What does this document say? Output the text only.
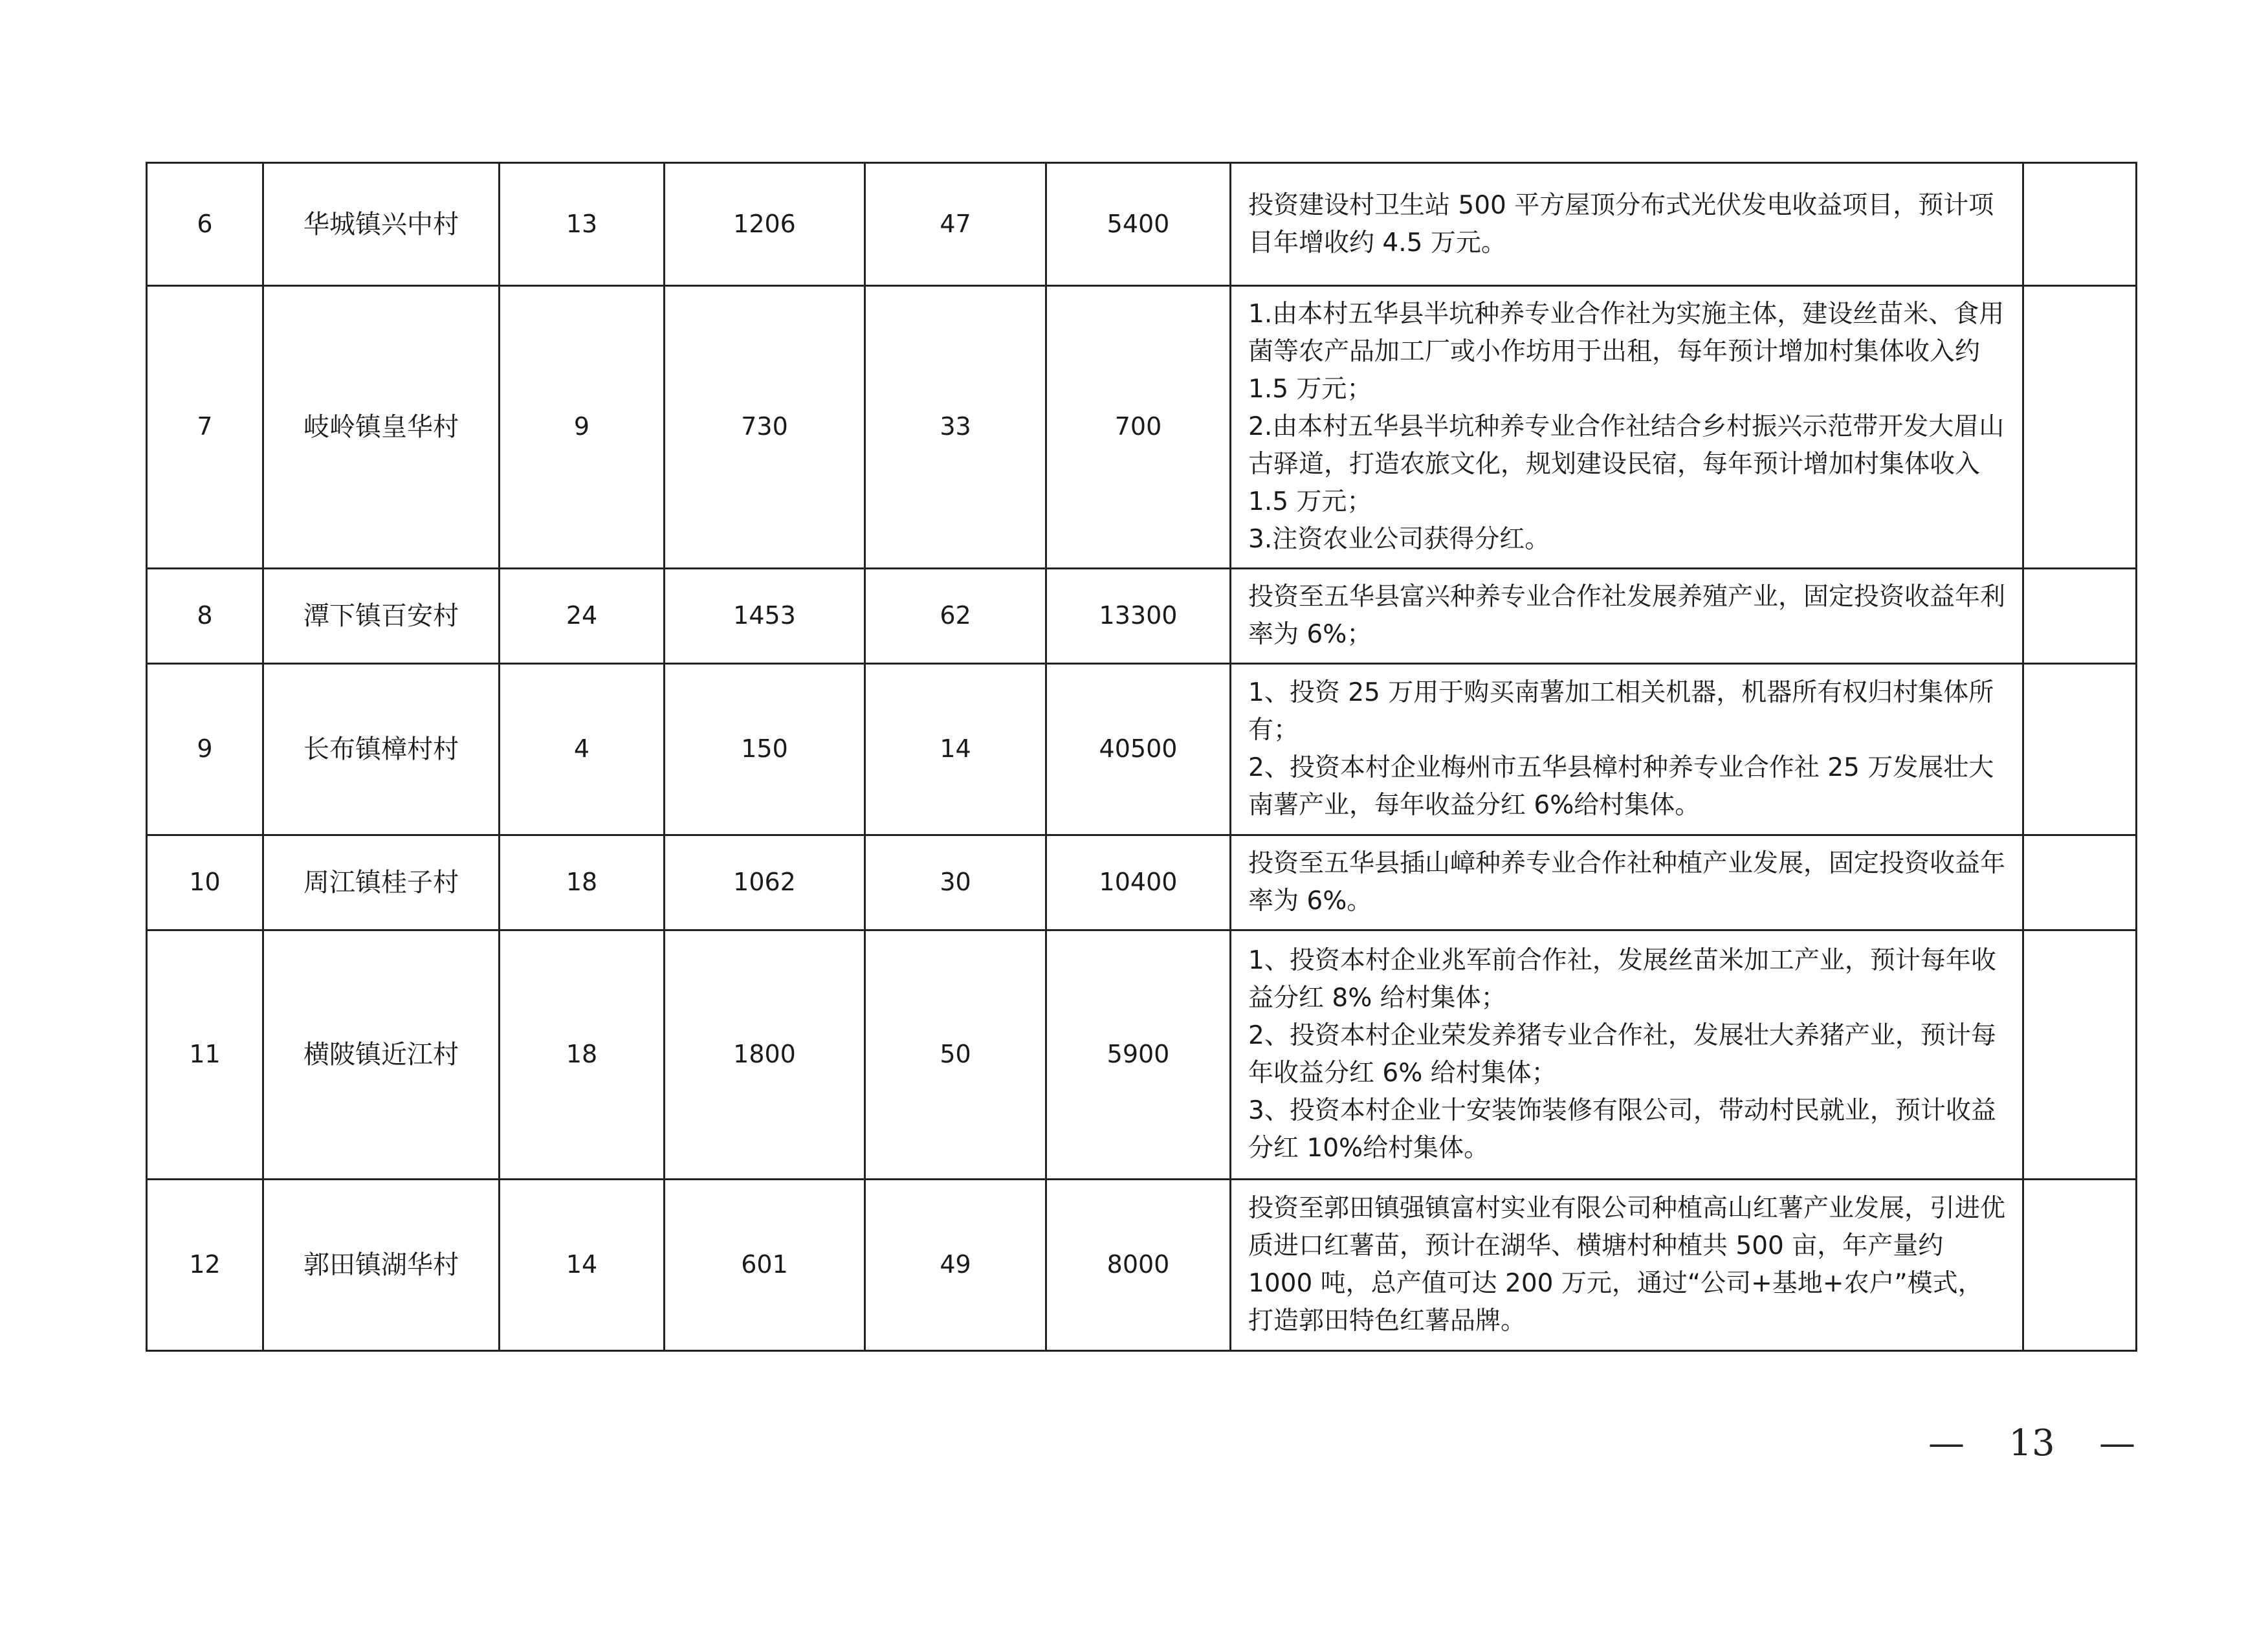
6	华城镇兴中村	13	1206	47	5400	投资建设村卫生站 500 平方屋顶分布式光伏发电收益项目，预计项目年增收约 4.5 万元。	

7	岐岭镇皇华村	9	730	33	700	1.由本村五华县半坑种养专业合作社为实施主体，建设丝苗米、食用菌等农产品加工厂或小作坊用于出租，每年预计增加村集体收入约 1.5 万元；
2.由本村五华县半坑种养专业合作社结合乡村振兴示范带开发大眉山古驿道，打造农旅文化，规划建设民宿，每年预计增加村集体收入 1.5 万元；
3.注资农业公司获得分红。	

8	潭下镇百安村	24	1453	62	13300	投资至五华县富兴种养专业合作社发展养殖产业，固定投资收益年利率为 6%；	

9	长布镇樟村村	4	150	14	40500	1、投资 25 万用于购买南薯加工相关机器，机器所有权归村集体所有；
2、投资本村企业梅州市五华县樟村种养专业合作社 25 万发展壮大南薯产业，每年收益分红 6%给村集体。	

10	周江镇桂子村	18	1062	30	10400	投资至五华县插山嶂种养专业合作社种植产业发展，固定投资收益年率为 6%。	

11	横陂镇近江村	18	1800	50	5900	1、投资本村企业兆军前合作社，发展丝苗米加工产业，预计每年收益分红 8% 给村集体；
2、投资本村企业荣发养猪专业合作社，发展壮大养猪产业，预计每年收益分红 6% 给村集体；
3、投资本村企业十安装饰装修有限公司，带动村民就业，预计收益分红 10%给村集体。	

12	郭田镇湖华村	14	601	49	8000	投资至郭田镇强镇富村实业有限公司种植高山红薯产业发展，引进优质进口红薯苗，预计在湖华、横塘村种植共 500 亩，年产量约 1000 吨，总产值可达 200 万元，通过“公司+基地+农户”模式，打造郭田特色红薯品牌。	

— 13 —
